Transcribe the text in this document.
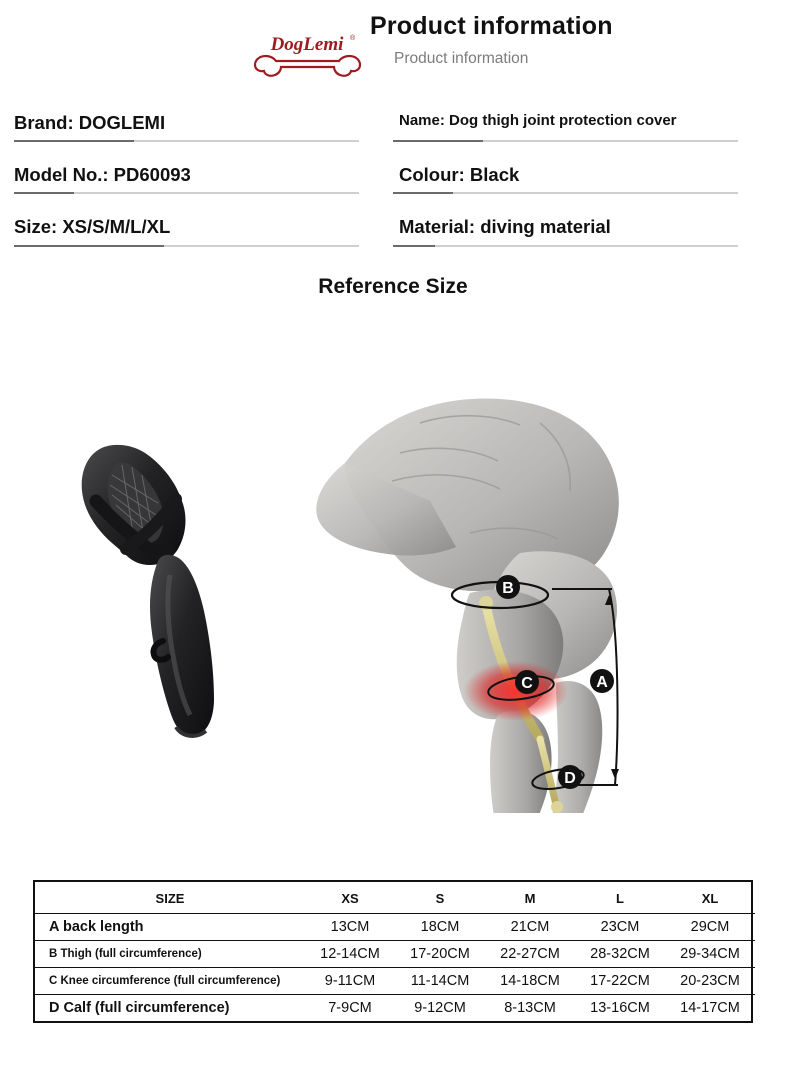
DogLemi ® Product information
Product information
Brand: DOGLEMI	Name: Dog thigh joint protection cover
Model No.: PD60093	Colour: Black
Size: XS/S/M/L/XL	Material: diving material
Reference Size
B
C
D
A
SIZE	XS	S	M	L	XL
A back length	13CM	18CM	21CM	23CM	29CM
B Thigh (full circumference)	12-14CM	17-20CM	22-27CM	28-32CM	29-34CM
C Knee circumference (full circumference)	9-11CM	11-14CM	14-18CM	17-22CM	20-23CM
D Calf (full circumference)	7-9CM	9-12CM	8-13CM	13-16CM	14-17CM
